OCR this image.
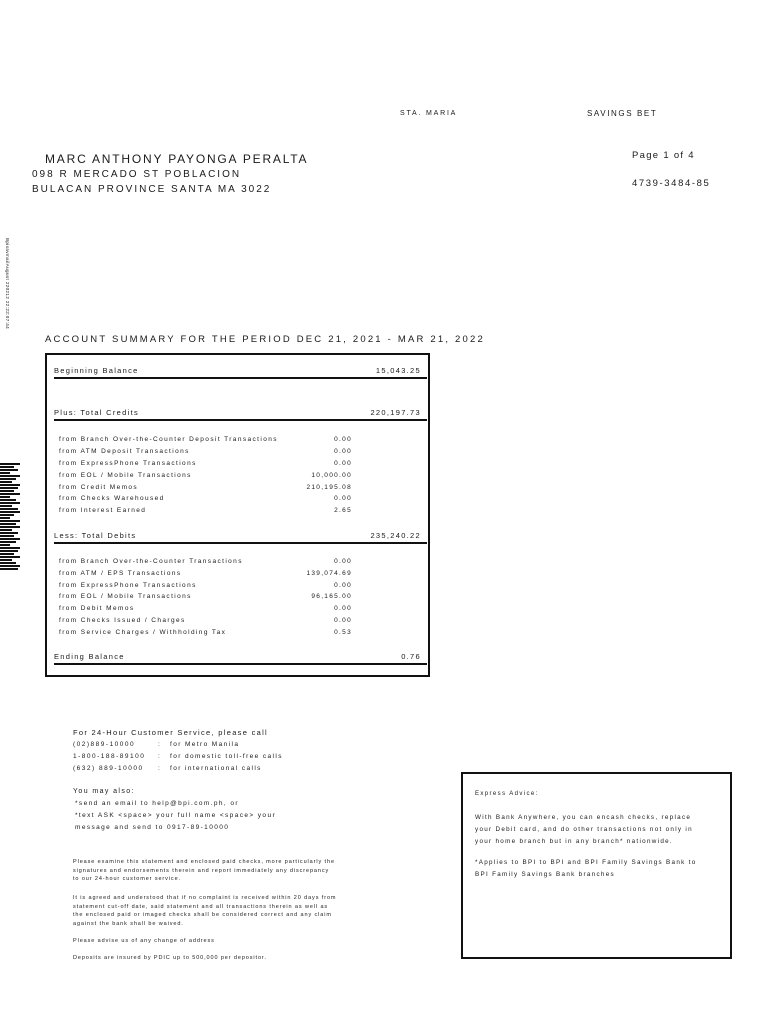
STA. MARIA	SAVINGS BET
Page 1 of 4
4739-3484-85
MARC ANTHONY PAYONGA PERALTA
098 R MERCADO ST POBLACION
BULACAN PROVINCE SANTA MA 3022
BpisavmailAugust 220212 22:22:07:44
ACCOUNT SUMMARY FOR THE PERIOD DEC 21, 2021 - MAR 21, 2022
Beginning Balance	15,043.25
Plus: Total Credits	220,197.73
from Branch Over-the-Counter Deposit Transactions	0.00
from ATM Deposit Transactions	0.00
from ExpressPhone Transactions	0.00
from EOL / Mobile Transactions	10,000.00
from Credit Memos	210,195.08
from Checks Warehoused	0.00
from Interest Earned	2.65
Less: Total Debits	235,240.22
from Branch Over-the-Counter Transactions	0.00
from ATM / EPS Transactions	139,074.69
from ExpressPhone Transactions	0.00
from EOL / Mobile Transactions	96,165.00
from Debit Memos	0.00
from Checks Issued / Charges	0.00
from Service Charges / Withholding Tax	0.53
Ending Balance	0.76
For 24-Hour Customer Service, please call
(02)889-10000	: for Metro Manila
1-800-188-89100 : for domestic toll-free calls
(632) 889-10000 : for international calls
You may also:
*send an email to help@bpi.com.ph, or
*text ASK <space> your full name <space> your
message and send to 0917-89-10000
Please examine this statement and enclosed paid checks, more particularly the
signatures and endorsements therein and report immediately any discrepancy
to our 24-hour customer service.
It is agreed and understood that if no complaint is received within 20 days from
statement cut-off date, said statement and all transactions therein as well as
the enclosed paid or imaged checks shall be considered correct and any claim
against the bank shall be waived.
Please advise us of any change of address
Deposits are insured by PDIC up to 500,000 per depositor.
Express Advice:
With Bank Anywhere, you can encash checks, replace
your Debit card, and do other transactions not only in
your home branch but in any branch* nationwide.
*Applies to BPI to BPI and BPI Family Savings Bank to
BPI Family Savings Bank branches
